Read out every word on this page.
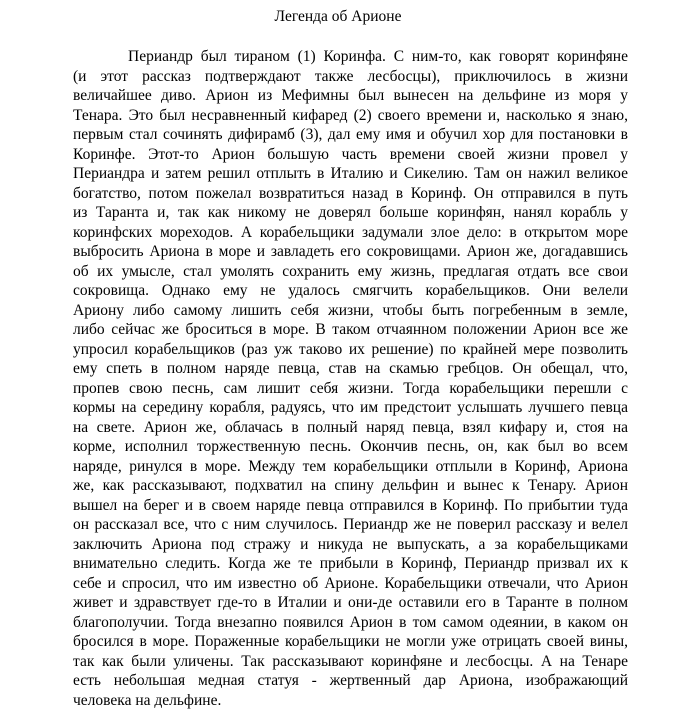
Легенда об Арионе
Периандр был тираном (1) Коринфа. С ним-то, как говорят коринфяне
(и этот рассказ подтверждают также лесбосцы), приключилось в жизни
величайшее диво. Арион из Мефимны был вынесен на дельфине из моря у
Тенара. Это был несравненный кифаред (2) своего времени и, насколько я знаю,
первым стал сочинять дифирамб (3), дал ему имя и обучил хор для постановки в
Коринфе. Этот-то Арион большую часть времени своей жизни провел у
Периандра и затем решил отплыть в Италию и Сикелию. Там он нажил великое
богатство, потом пожелал возвратиться назад в Коринф. Он отправился в путь
из Таранта и, так как никому не доверял больше коринфян, нанял корабль у
коринфских мореходов. А корабельщики задумали злое дело: в открытом море
выбросить Ариона в море и завладеть его сокровищами. Арион же, догадавшись
об их умысле, стал умолять сохранить ему жизнь, предлагая отдать все свои
сокровища. Однако ему не удалось смягчить корабельщиков. Они велели
Ариону либо самому лишить себя жизни, чтобы быть погребенным в земле,
либо сейчас же броситься в море. В таком отчаянном положении Арион все же
упросил корабельщиков (раз уж таково их решение) по крайней мере позволить
ему спеть в полном наряде певца, став на скамью гребцов. Он обещал, что,
пропев свою песнь, сам лишит себя жизни. Тогда корабельщики перешли с
кормы на середину корабля, радуясь, что им предстоит услышать лучшего певца
на свете. Арион же, облачась в полный наряд певца, взял кифару и, стоя на
корме, исполнил торжественную песнь. Окончив песнь, он, как был во всем
наряде, ринулся в море. Между тем корабельщики отплыли в Коринф, Ариона
же, как рассказывают, подхватил на спину дельфин и вынес к Тенару. Арион
вышел на берег и в своем наряде певца отправился в Коринф. По прибытии туда
он рассказал все, что с ним случилось. Периандр же не поверил рассказу и велел
заключить Ариона под стражу и никуда не выпускать, а за корабельщиками
внимательно следить. Когда же те прибыли в Коринф, Периандр призвал их к
себе и спросил, что им известно об Арионе. Корабельщики отвечали, что Арион
живет и здравствует где-то в Италии и они-де оставили его в Таранте в полном
благополучии. Тогда внезапно появился Арион в том самом одеянии, в каком он
бросился в море. Пораженные корабельщики не могли уже отрицать своей вины,
так как были уличены. Так рассказывают коринфяне и лесбосцы. А на Тенаре
есть небольшая медная статуя - жертвенный дар Ариона, изображающий
человека на дельфине.
